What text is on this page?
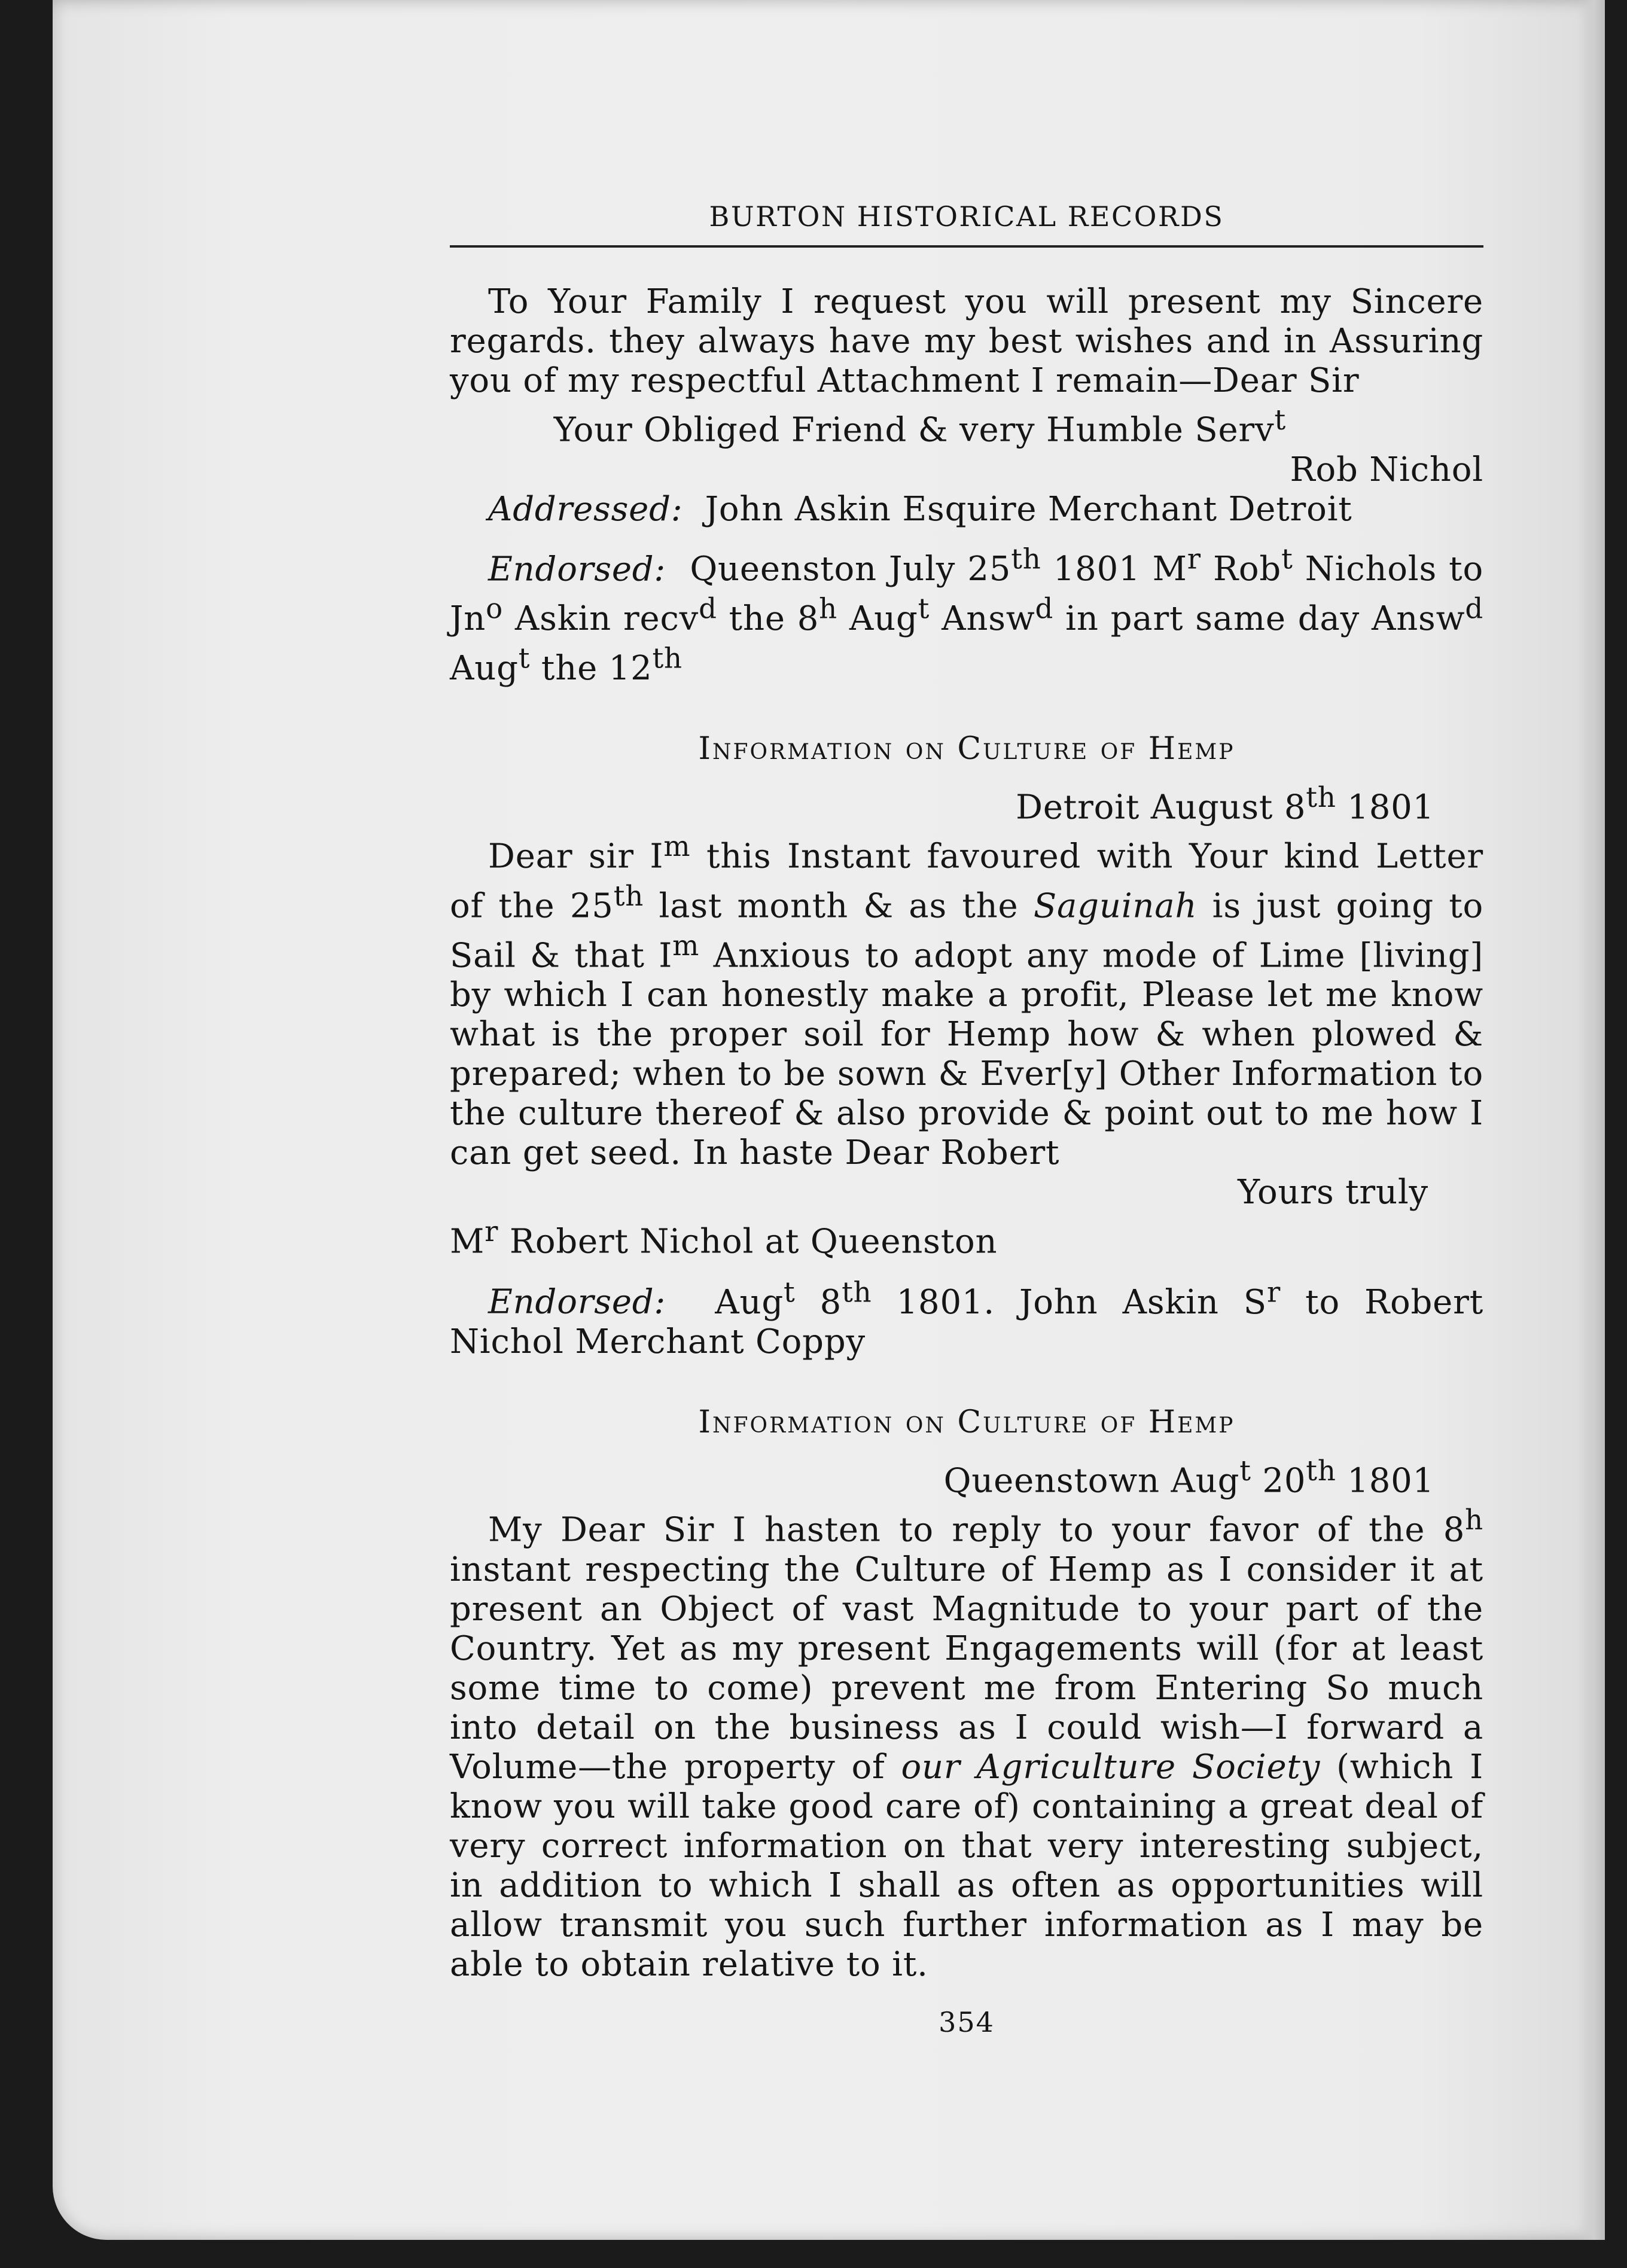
BURTON HISTORICAL RECORDS

To Your Family I request you will present my Sincere regards. they always have my best wishes and in Assuring you of my respectful Attachment I remain—Dear Sir

Your Obliged Friend & very Humble Serv$^t$
Rob Nichol

Addressed: John Askin Esquire Merchant Detroit

Endorsed: Queenston July 25th 1801 $M^r$ Rob$^t$ Nichols to Jn$^o$ Askin recv$^d$ the 8$^h$ Aug$^t$ Answ$^d$ in part same day Answ$^d$ Aug$^t$ the 12th

Information on Culture of Hemp
Detroit August 8th 1801

Dear sir $I^m$ this Instant favoured with Your kind Letter of the 25th last month & as the Saguinah is just going to Sail & that $I^m$ Anxious to adopt any mode of Lime [living] by which I can honestly make a profit, Please let me know what is the proper soil for Hemp how & when plowed & prepared; when to be sown & Ever[y] Other Information to the culture thereof & also provide & point out to me how I can get seed. In haste Dear Robert

Yours truly

$M^r$ Robert Nichol at Queenston

Endorsed: Aug$^t$ 8th 1801. John Askin $S^r$ to Robert Nichol Merchant Coppy

Information on Culture of Hemp
Queenstown Aug$^t$ 20th 1801

My Dear Sir I hasten to reply to your favor of the 8$^h$ instant respecting the Culture of Hemp as I consider it at present an Object of vast Magnitude to your part of the Country. Yet as my present Engagements will (for at least some time to come) prevent me from Entering So much into detail on the business as I could wish—I forward a Volume—the property of our Agriculture Society (which I know you will take good care of) containing a great deal of very correct information on that very interesting subject, in addition to which I shall as often as opportunities will allow transmit you such further information as I may be able to obtain relative to it.

354
